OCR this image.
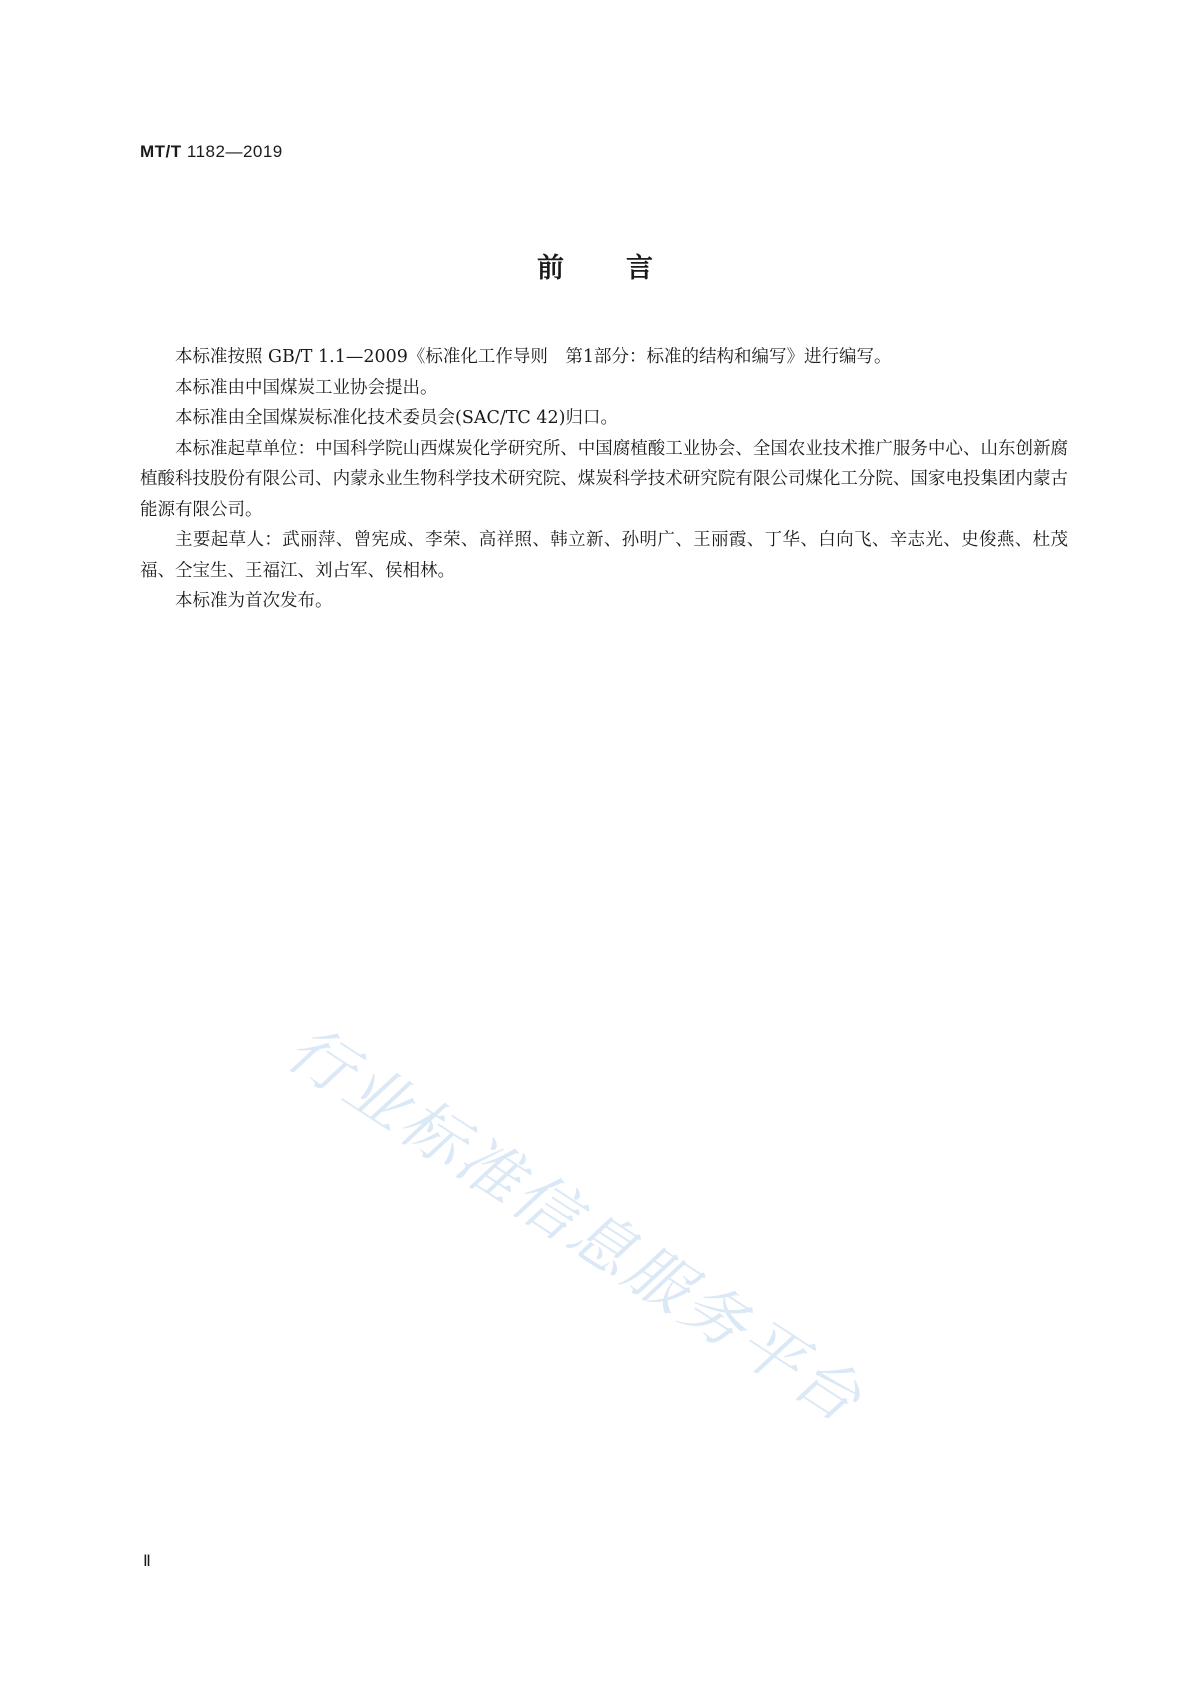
MT/T 1182—2019
前 言

本标准按照 GB/T 1.1—2009《标准化工作导则　第1部分：标准的结构和编写》进行编写。

本标准由中国煤炭工业协会提出。

本标准由全国煤炭标准化技术委员会(SAC/TC 42)归口。

本标准起草单位：中国科学院山西煤炭化学研究所、中国腐植酸工业协会、全国农业技术推广服务中心、山东创新腐植酸科技股份有限公司、内蒙永业生物科学技术研究院、煤炭科学技术研究院有限公司煤化工分院、国家电投集团内蒙古能源有限公司。

主要起草人：武丽萍、曾宪成、李荣、高祥照、韩立新、孙明广、王丽霞、丁华、白向飞、辛志光、史俊燕、杜茂福、仝宝生、王福江、刘占军、侯相林。

本标准为首次发布。

行业标准信息服务平台
Ⅱ
